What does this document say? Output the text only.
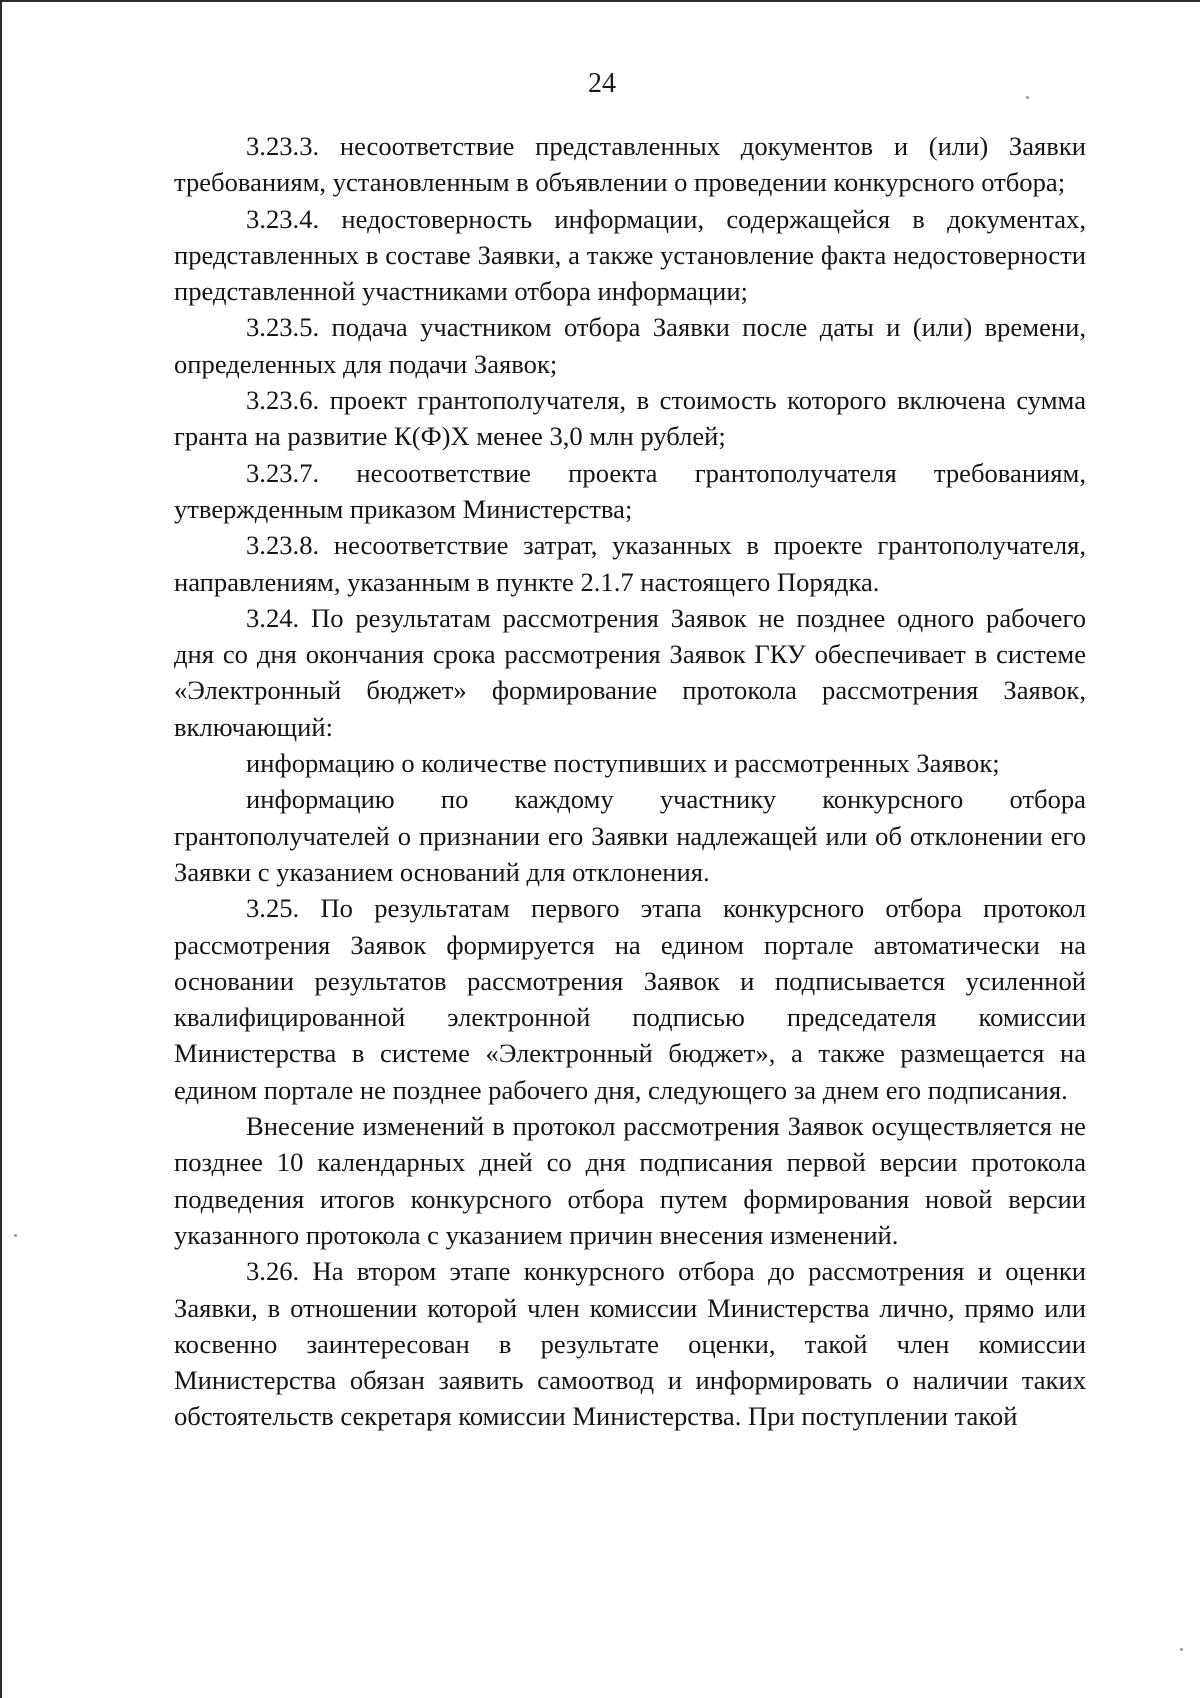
24

3.23.3. несоответствие представленных документов и (или) Заявки требованиям, установленным в объявлении о проведении конкурсного отбора;

3.23.4. недостоверность информации, содержащейся в документах, представленных в составе Заявки, а также установление факта недостоверности представленной участниками отбора информации;

3.23.5. подача участником отбора Заявки после даты и (или) времени, определенных для подачи Заявок;

3.23.6. проект грантополучателя, в стоимость которого включена сумма гранта на развитие К(Ф)Х менее 3,0 млн рублей;

3.23.7. несоответствие проекта грантополучателя требованиям, утвержденным приказом Министерства;

3.23.8. несоответствие затрат, указанных в проекте грантополучателя, направлениям, указанным в пункте 2.1.7 настоящего Порядка.

3.24. По результатам рассмотрения Заявок не позднее одного рабочего дня со дня окончания срока рассмотрения Заявок ГКУ обеспечивает в системе «Электронный бюджет» формирование протокола рассмотрения Заявок, включающий:

информацию о количестве поступивших и рассмотренных Заявок;

информацию по каждому участнику конкурсного отбора грантополучателей о признании его Заявки надлежащей или об отклонении его Заявки с указанием оснований для отклонения.

3.25. По результатам первого этапа конкурсного отбора протокол рассмотрения Заявок формируется на едином портале автоматически на основании результатов рассмотрения Заявок и подписывается усиленной квалифицированной электронной подписью председателя комиссии Министерства в системе «Электронный бюджет», а также размещается на едином портале не позднее рабочего дня, следующего за днем его подписания.

Внесение изменений в протокол рассмотрения Заявок осуществляется не позднее 10 календарных дней со дня подписания первой версии протокола подведения итогов конкурсного отбора путем формирования новой версии указанного протокола с указанием причин внесения изменений.

3.26. На втором этапе конкурсного отбора до рассмотрения и оценки Заявки, в отношении которой член комиссии Министерства лично, прямо или косвенно заинтересован в результате оценки, такой член комиссии Министерства обязан заявить самоотвод и информировать о наличии таких обстоятельств секретаря комиссии Министерства. При поступлении такой
